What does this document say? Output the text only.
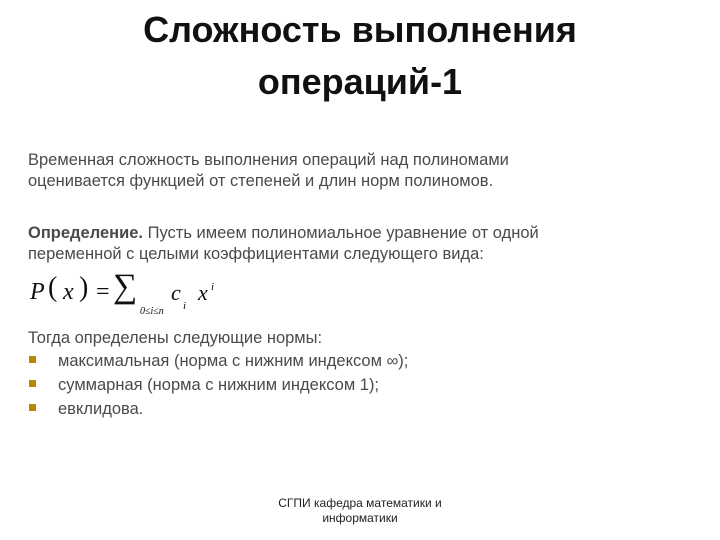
Сложность выполнения
операций-1
Временная сложность выполнения операций над полиномами
оценивается функцией от степеней и длин норм полиномов.
Определение. Пусть имеем полиномиальное уравнение от одной
переменной с целыми коэффициентами следующего вида:
P ( x ) = ∑
0≤i≤n
c
i
x i
Тогда определены следующие нормы:
максимальная (норма с нижним индексом ∞);
суммарная (норма с нижним индексом 1);
евклидова.
СГПИ кафедра математики и
информатики
